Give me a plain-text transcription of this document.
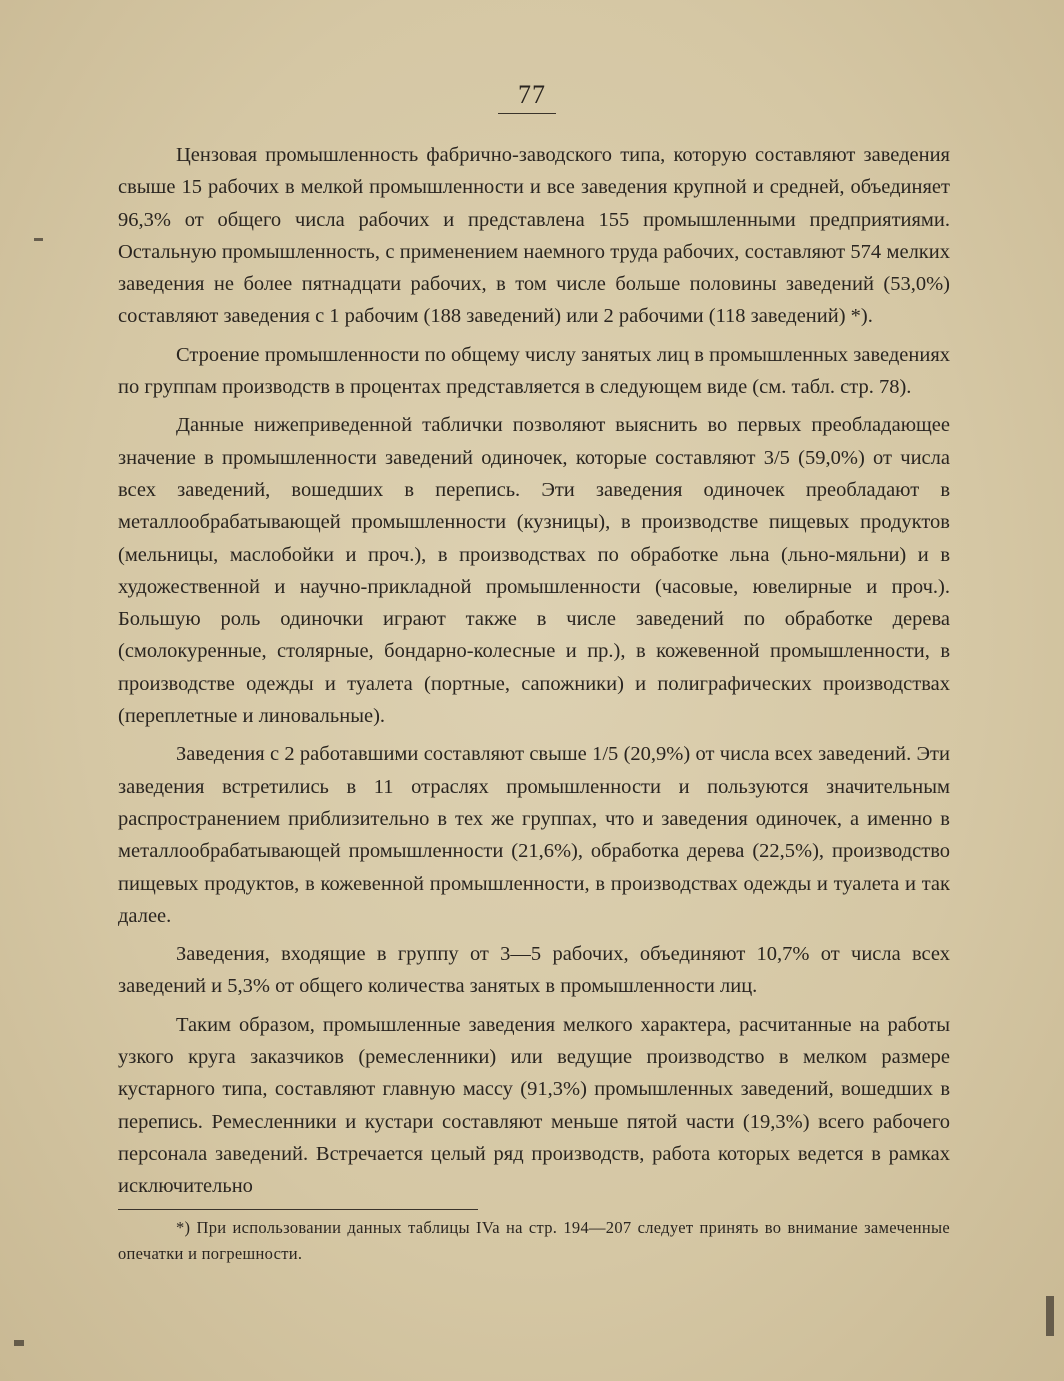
77

Цензовая промышленность фабрично-заводского типа, которую составляют заведения свыше 15 рабочих в мелкой промышленности и все заведения крупной и средней, объединяет 96,3% от общего числа рабочих и представлена 155 промышленными предприятиями. Остальную промышленность, с применением наемного труда рабочих, составляют 574 мелких заведения не более пятнадцати рабочих, в том числе больше половины заведений (53,0%) составляют заведения с 1 рабочим (188 заведений) или 2 рабочими (118 заведений) *).

Строение промышленности по общему числу занятых лиц в промышленных заведениях по группам производств в процентах представляется в следующем виде (см. табл. стр. 78).

Данные нижеприведенной таблички позволяют выяснить во первых преобладающее значение в промышленности заведений одиночек, которые составляют 3/5 (59,0%) от числа всех заведений, вошедших в перепись. Эти заведения одиночек преобладают в металлообрабатывающей промышленности (кузницы), в производстве пищевых продуктов (мельницы, маслобойки и проч.), в производствах по обработке льна (льно-мяльни) и в художественной и научно-прикладной промышленности (часовые, ювелирные и проч.). Большую роль одиночки играют также в числе заведений по обработке дерева (смолокуренные, столярные, бондарно-колесные и пр.), в кожевенной промышленности, в производстве одежды и туалета (портные, сапожники) и полиграфических производствах (переплетные и линовальные).

Заведения с 2 работавшими составляют свыше 1/5 (20,9%) от числа всех заведений. Эти заведения встретились в 11 отраслях промышленности и пользуются значительным распространением приблизительно в тех же группах, что и заведения одиночек, а именно в металлообрабатывающей промышленности (21,6%), обработка дерева (22,5%), производство пищевых продуктов, в кожевенной промышленности, в производствах одежды и туалета и так далее.

Заведения, входящие в группу от 3—5 рабочих, объединяют 10,7% от числа всех заведений и 5,3% от общего количества занятых в промышленности лиц.

Таким образом, промышленные заведения мелкого характера, расчитанные на работы узкого круга заказчиков (ремесленники) или ведущие производство в мелком размере кустарного типа, составляют главную массу (91,3%) промышленных заведений, вошедших в перепись. Ремесленники и кустари составляют меньше пятой части (19,3%) всего рабочего персонала заведений. Встречается целый ряд производств, работа которых ведется в рамках исключительно

*) При использовании данных таблицы IVa на стр. 194—207 следует принять во внимание замеченные опечатки и погрешности.
